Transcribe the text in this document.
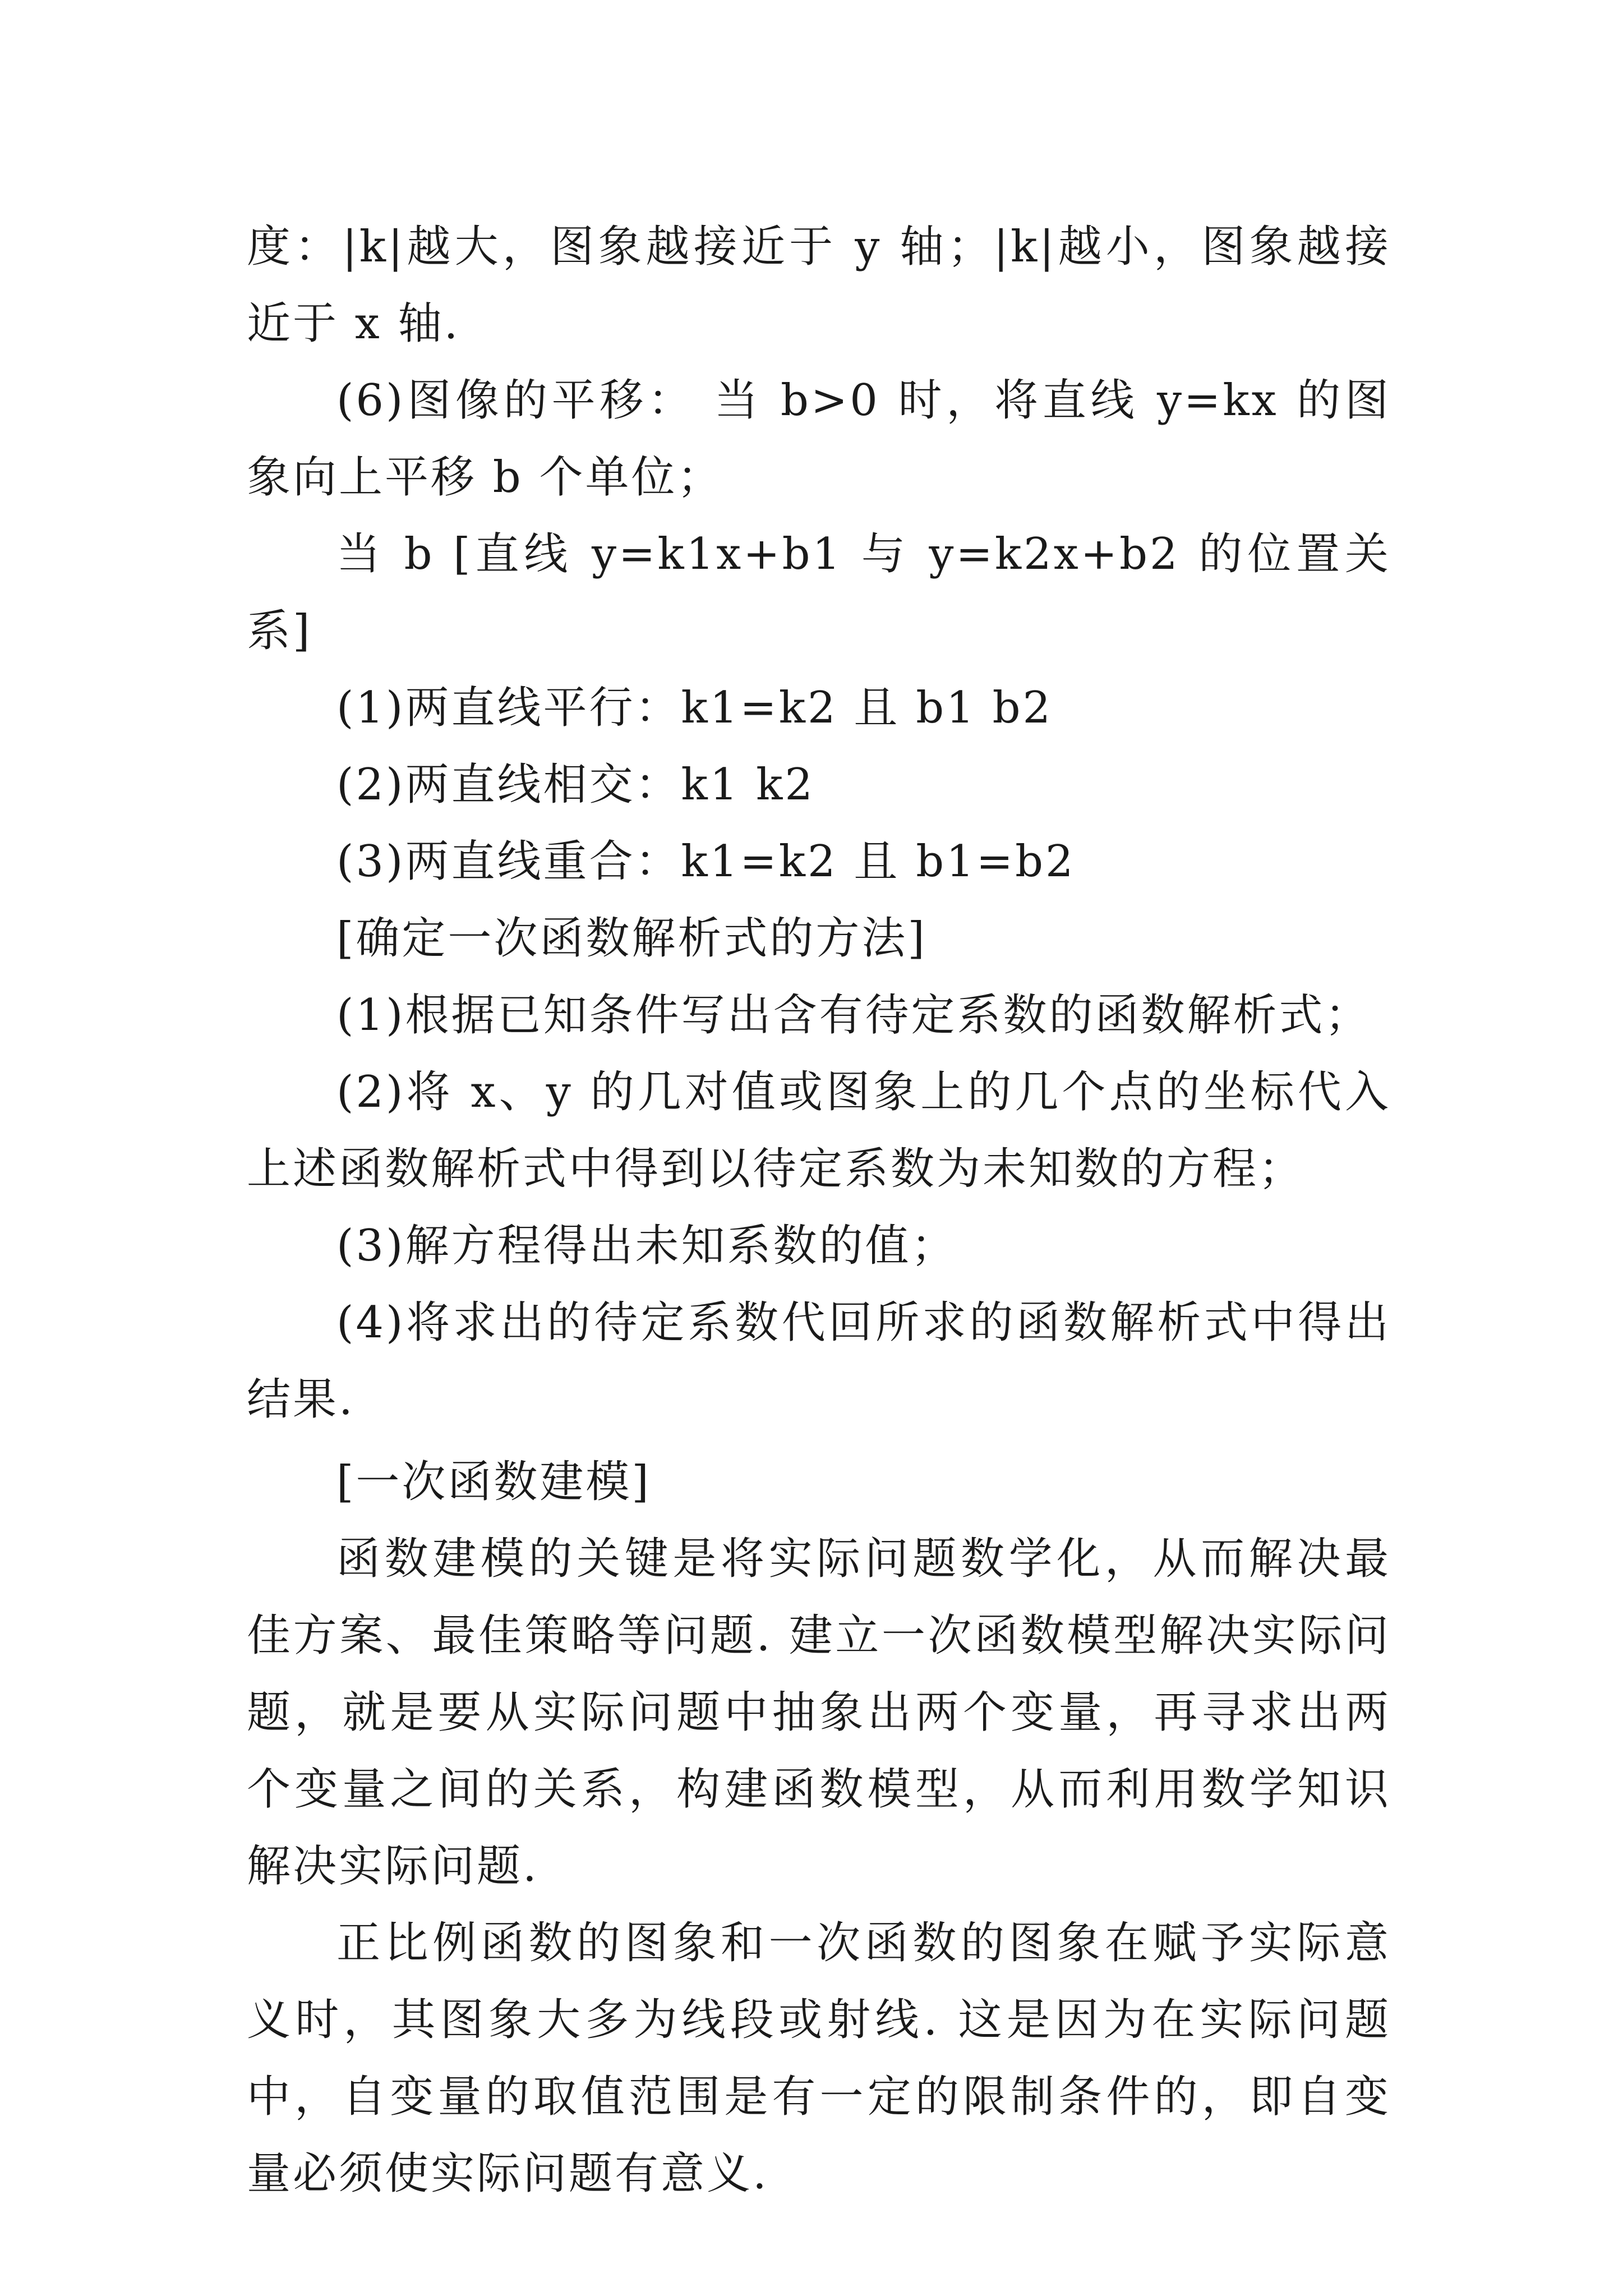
度：|k|越大，图象越接近于 y 轴；|k|越小，图象越接近于 x 轴.

(6)图像的平移： 当 b>0 时，将直线 y=kx 的图象向上平移 b 个单位；

当 b [直线 y=k1x+b1 与 y=k2x+b2 的位置关系]

(1)两直线平行：k1=k2 且 b1 b2

(2)两直线相交：k1 k2

(3)两直线重合：k1=k2 且 b1=b2

[确定一次函数解析式的方法]

(1)根据已知条件写出含有待定系数的函数解析式；

(2)将 x、y 的几对值或图象上的几个点的坐标代入上述函数解析式中得到以待定系数为未知数的方程；

(3)解方程得出未知系数的值；

(4)将求出的待定系数代回所求的函数解析式中得出结果.

[一次函数建模]

函数建模的关键是将实际问题数学化，从而解决最佳方案、最佳策略等问题. 建立一次函数模型解决实际问题，就是要从实际问题中抽象出两个变量，再寻求出两个变量之间的关系，构建函数模型，从而利用数学知识解决实际问题.

正比例函数的图象和一次函数的图象在赋予实际意义时，其图象大多为线段或射线. 这是因为在实际问题中，自变量的取值范围是有一定的限制条件的，即自变量必须使实际问题有意义.
